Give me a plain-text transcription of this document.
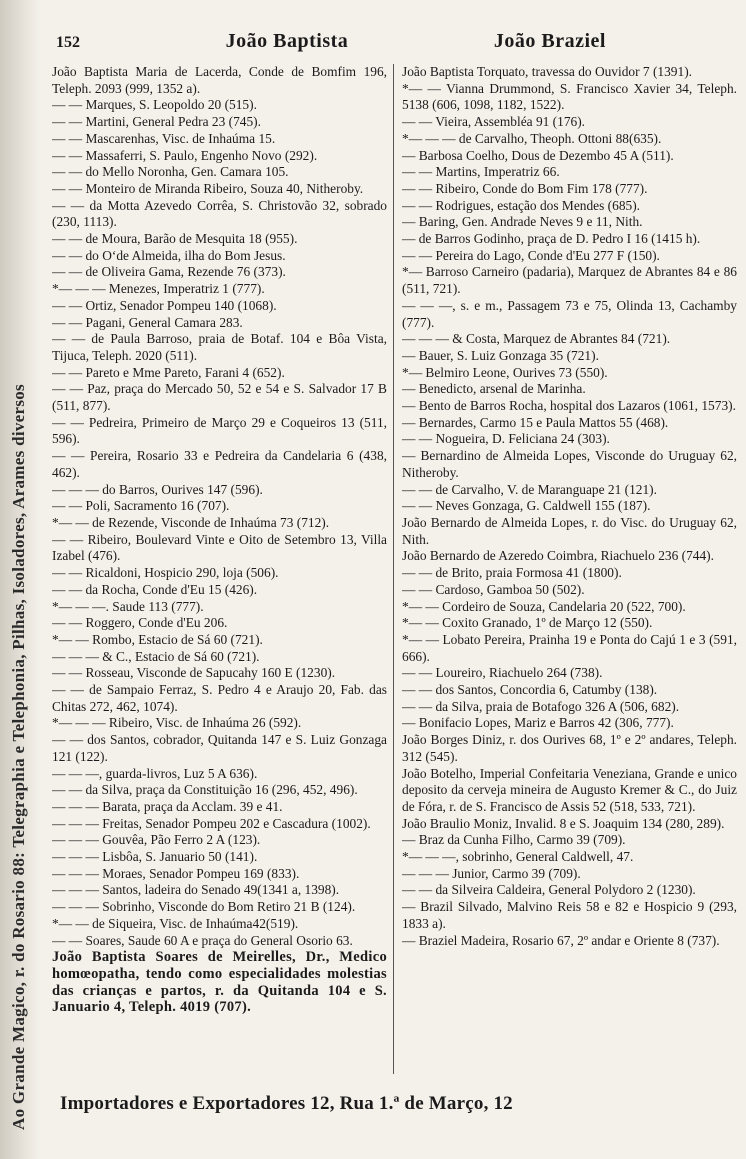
Ao Grande Magico, r. do Rosario 88: Telegraphia e Telephonia, Pilhas, Isoladores, Arames diversos
152	João Baptista	João Braziel

João Baptista Maria de Lacerda, Conde de Bomfim 196, Teleph. 2093 (999, 1352 a).

— — Marques, S. Leopoldo 20 (515).

— — Martini, General Pedra 23 (745).

— — Mascarenhas, Visc. de Inhaúma 15.

— — Massaferri, S. Paulo, Engenho Novo (292).

— — do Mello Noronha, Gen. Camara 105.

— — Monteiro de Miranda Ribeiro, Souza 40, Nitheroby.

— — da Motta Azevedo Corrêa, S. Christovão 32, sobrado (230, 1113).

— — de Moura, Barão de Mesquita 18 (955).

— — do Oʻde Almeida, ilha do Bom Jesus.

— — de Oliveira Gama, Rezende 76 (373).

*— — — Menezes, Imperatriz 1 (777).

— — Ortiz, Senador Pompeu 140 (1068).

— — Pagani, General Camara 283.

— — de Paula Barroso, praia de Botaf. 104 e Bôa Vista, Tijuca, Teleph. 2020 (511).

— — Pareto e Mme Pareto, Farani 4 (652).

— — Paz, praça do Mercado 50, 52 e 54 e S. Salvador 17 B (511, 877).

— — Pedreira, Primeiro de Março 29 e Coqueiros 13 (511, 596).

— — Pereira, Rosario 33 e Pedreira da Candelaria 6 (438, 462).

— — — do Barros, Ourives 147 (596).

— — Poli, Sacramento 16 (707).

*— — de Rezende, Visconde de Inhaúma 73 (712).

— — Ribeiro, Boulevard Vinte e Oito de Setembro 13, Villa Izabel (476).

— — Ricaldoni, Hospicio 290, loja (506).

— — da Rocha, Conde d'Eu 15 (426).

*— — —. Saude 113 (777).

— — Roggero, Conde d'Eu 206.

*— — Rombo, Estacio de Sá 60 (721).

— — — & C., Estacio de Sá 60 (721).

— — Rosseau, Visconde de Sapucahy 160 E (1230).

— — de Sampaio Ferraz, S. Pedro 4 e Araujo 20, Fab. das Chitas 272, 462, 1074).

*— — — Ribeiro, Visc. de Inhaúma 26 (592).

— — dos Santos, cobrador, Quitanda 147 e S. Luiz Gonzaga 121 (122).

— — —, guarda-livros, Luz 5 A 636).

— — da Silva, praça da Constituição 16 (296, 452, 496).

— — — Barata, praça da Acclam. 39 e 41.

— — — Freitas, Senador Pompeu 202 e Cascadura (1002).

— — — Gouvêa, Pão Ferro 2 A (123).

— — — Lisbôa, S. Januario 50 (141).

— — — Moraes, Senador Pompeu 169 (833).

— — — Santos, ladeira do Senado 49(1341 a, 1398).

— — — Sobrinho, Visconde do Bom Retiro 21 B (124).

*— — de Siqueira, Visc. de Inhaúma42(519).

— — Soares, Saude 60 A e praça do General Osorio 63.

João Baptista Soares de Meirelles, Dr., Medico homœopatha, tendo como especialidades molestias das crianças e partos, r. da Quitanda 104 e S. Januario 4, Teleph. 4019 (707).

João Baptista Torquato, travessa do Ouvidor 7 (1391).

*— — Vianna Drummond, S. Francisco Xavier 34, Teleph. 5138 (606, 1098, 1182, 1522).

— — Vieira, Assembléa 91 (176).

*— — — de Carvalho, Theoph. Ottoni 88(635).

— Barbosa Coelho, Dous de Dezembo 45 A (511).

— — Martins, Imperatriz 66.

— — Ribeiro, Conde do Bom Fim 178 (777).

— — Rodrigues, estação dos Mendes (685).

— Baring, Gen. Andrade Neves 9 e 11, Nith.

— de Barros Godinho, praça de D. Pedro I 16 (1415 h).

— — Pereira do Lago, Conde d'Eu 277 F (150).

*— Barroso Carneiro (padaria), Marquez de Abrantes 84 e 86 (511, 721).

— — —, s. e m., Passagem 73 e 75, Olinda 13, Cachamby (777).

— — — & Costa, Marquez de Abrantes 84 (721).

— Bauer, S. Luiz Gonzaga 35 (721).

*— Belmiro Leone, Ourives 73 (550).

— Benedicto, arsenal de Marinha.

— Bento de Barros Rocha, hospital dos Lazaros (1061, 1573).

— Bernardes, Carmo 15 e Paula Mattos 55 (468).

— — Nogueira, D. Feliciana 24 (303).

— Bernardino de Almeida Lopes, Visconde do Uruguay 62, Nitheroby.

— — de Carvalho, V. de Maranguape 21 (121).

— — Neves Gonzaga, G. Caldwell 155 (187).

João Bernardo de Almeida Lopes, r. do Visc. do Uruguay 62, Nith.

João Bernardo de Azeredo Coimbra, Riachuelo 236 (744).

— — de Brito, praia Formosa 41 (1800).

— — Cardoso, Gamboa 50 (502).

*— — Cordeiro de Souza, Candelaria 20 (522, 700).

*— — Coxito Granado, 1º de Março 12 (550).

*— — Lobato Pereira, Prainha 19 e Ponta do Cajú 1 e 3 (591, 666).

— — Loureiro, Riachuelo 264 (738).

— — dos Santos, Concordia 6, Catumby (138).

— — da Silva, praia de Botafogo 326 A (506, 682).

— Bonifacio Lopes, Mariz e Barros 42 (306, 777).

João Borges Diniz, r. dos Ourives 68, 1º e 2º andares, Teleph. 312 (545).

João Botelho, Imperial Confeitaria Veneziana, Grande e unico deposito da cerveja mineira de Augusto Kremer & C., do Juiz de Fóra, r. de S. Francisco de Assis 52 (518, 533, 721).

João Braulio Moniz, Invalid. 8 e S. Joaquim 134 (280, 289).

— Braz da Cunha Filho, Carmo 39 (709).

*— — —, sobrinho, General Caldwell, 47.

— — — Junior, Carmo 39 (709).

— — da Silveira Caldeira, General Polydoro 2 (1230).

— Brazil Silvado, Malvino Reis 58 e 82 e Hospicio 9 (293, 1833 a).

— Braziel Madeira, Rosario 67, 2º andar e Oriente 8 (737).

Importadores e Exportadores 12, Rua 1.ª de Março, 12
